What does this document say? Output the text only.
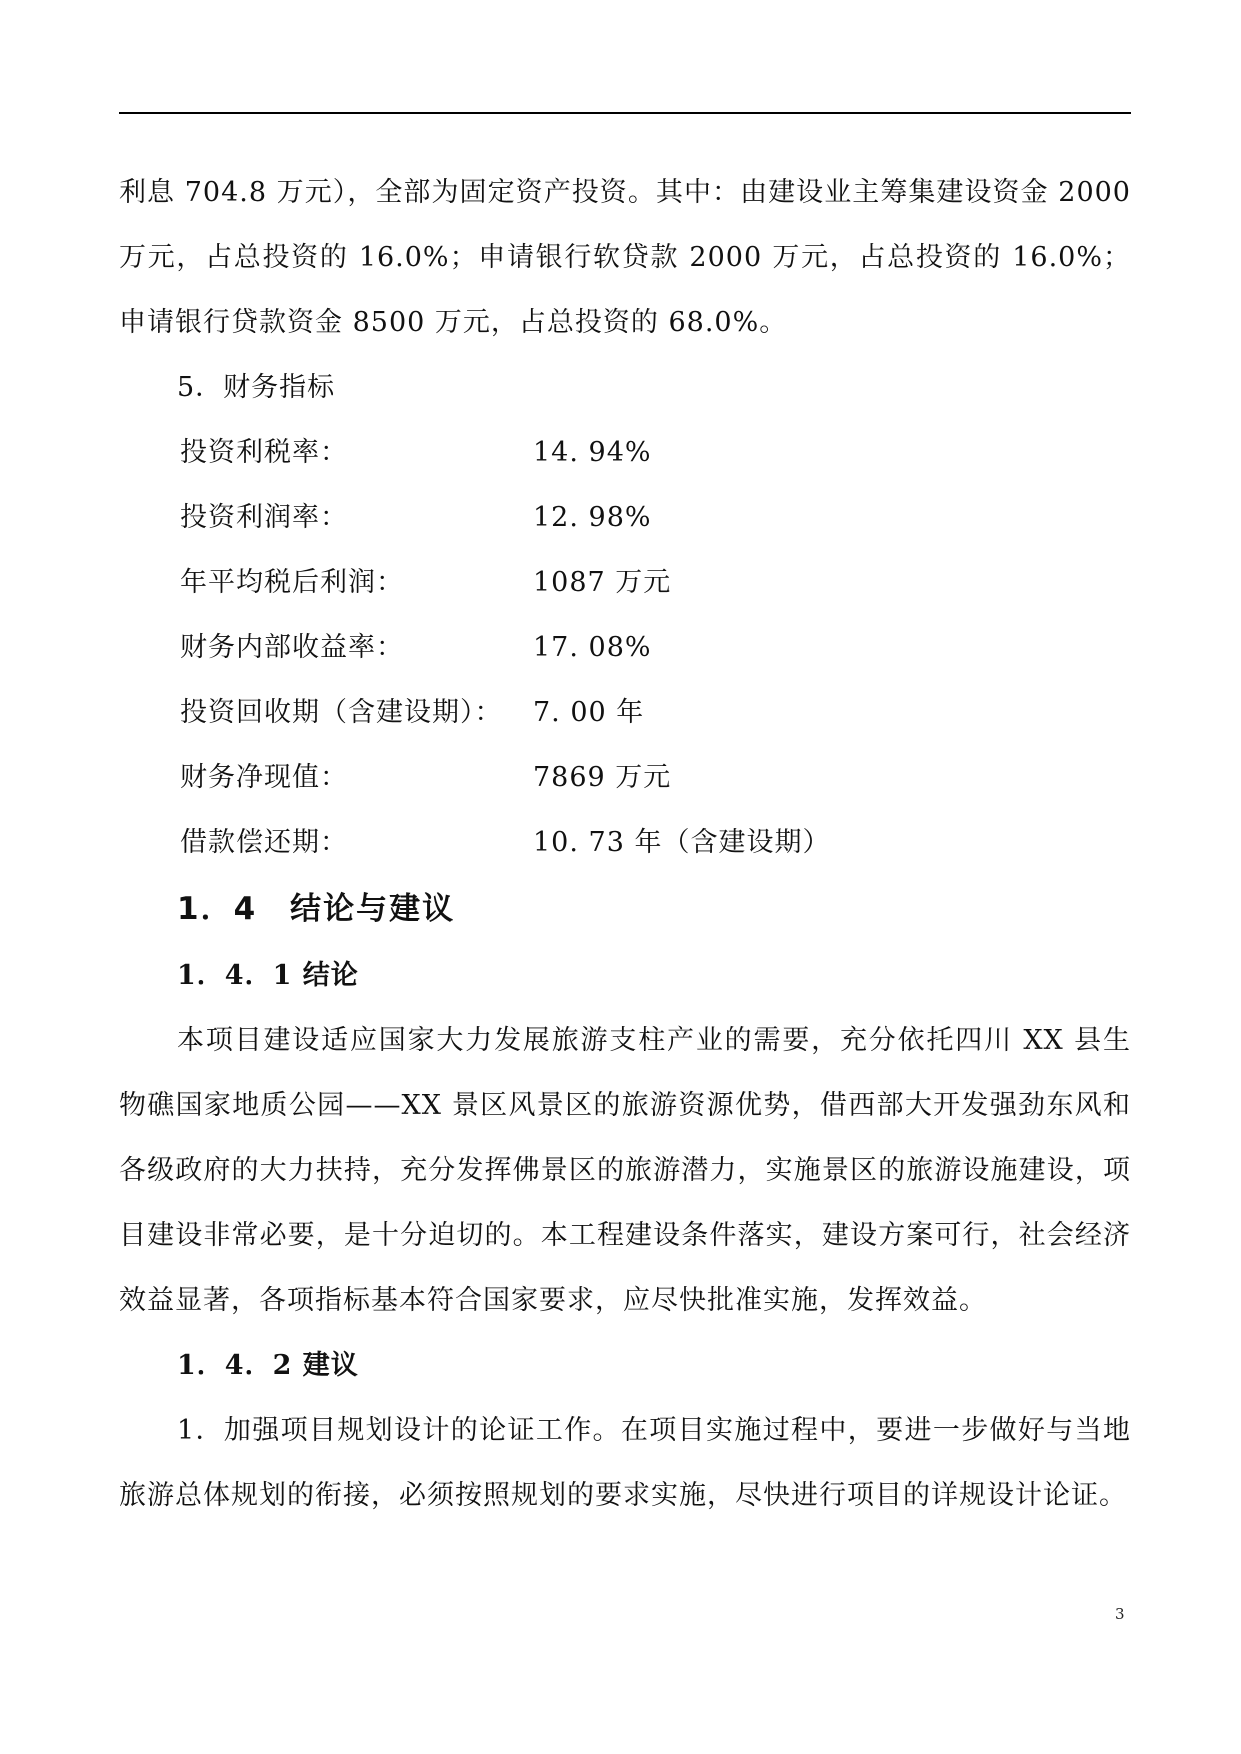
利息 704.8 万元），全部为固定资产投资。其中：由建设业主筹集建设资金 2000 万元，占总投资的 16.0%；申请银行软贷款 2000 万元，占总投资的 16.0%；申请银行贷款资金 8500 万元，占总投资的 68.0%。

5．财务指标

投资利税率：	14. 94%
投资利润率：	12. 98%
年平均税后利润：	1087 万元
财务内部收益率：	17. 08%
投资回收期（含建设期）：	7. 00 年
财务净现值：	7869 万元
借款偿还期：	10. 73 年（含建设期）
1．4　结论与建议
1．4．1 结论

本项目建设适应国家大力发展旅游支柱产业的需要，充分依托四川 XX 县生物礁国家地质公园——XX 景区风景区的旅游资源优势，借西部大开发强劲东风和各级政府的大力扶持，充分发挥佛景区的旅游潜力，实施景区的旅游设施建设，项目建设非常必要，是十分迫切的。本工程建设条件落实，建设方案可行，社会经济效益显著，各项指标基本符合国家要求，应尽快批准实施，发挥效益。

1．4．2 建议

1．加强项目规划设计的论证工作。在项目实施过程中，要进一步做好与当地旅游总体规划的衔接，必须按照规划的要求实施，尽快进行项目的详规设计论证。

3
